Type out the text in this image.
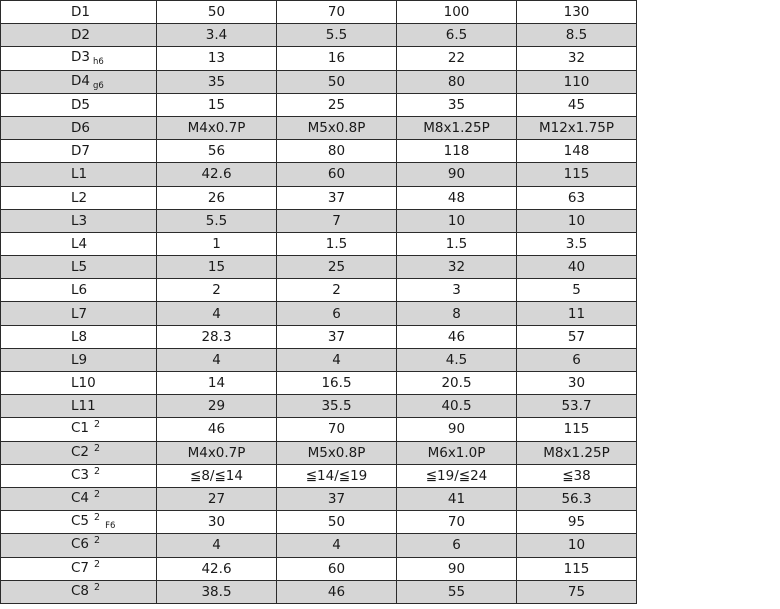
D1	50	70	100	130
D2	3.4	5.5	6.5	8.5
D3 $_{h6}$	13	16	22	32
D4 $_{g6}$	35	50	80	110
D5	15	25	35	45
D6	M4x0.7P	M5x0.8P	M8x1.25P	M12x1.75P
D7	56	80	118	148
L1	42.6	60	90	115
L2	26	37	48	63
L3	5.5	7	10	10
L4	1	1.5	1.5	3.5
L5	15	25	32	40
L6	2	2	3	5
L7	4	6	8	11
L8	28.3	37	46	57
L9	4	4	4.5	6
L10	14	16.5	20.5	30
L11	29	35.5	40.5	53.7
C1 $^2$	46	70	90	115
C2 $^2$	M4x0.7P	M5x0.8P	M6x1.0P	M8x1.25P
C3 $^2$	≦8/≦14	≦14/≦19	≦19/≦24	≦38
C4 $^2$	27	37	41	56.3
C5 $^2_{F6}$	30	50	70	95
C6 $^2$	4	4	6	10
C7 $^2$	42.6	60	90	115
C8 $^2$	38.5	46	55	75
